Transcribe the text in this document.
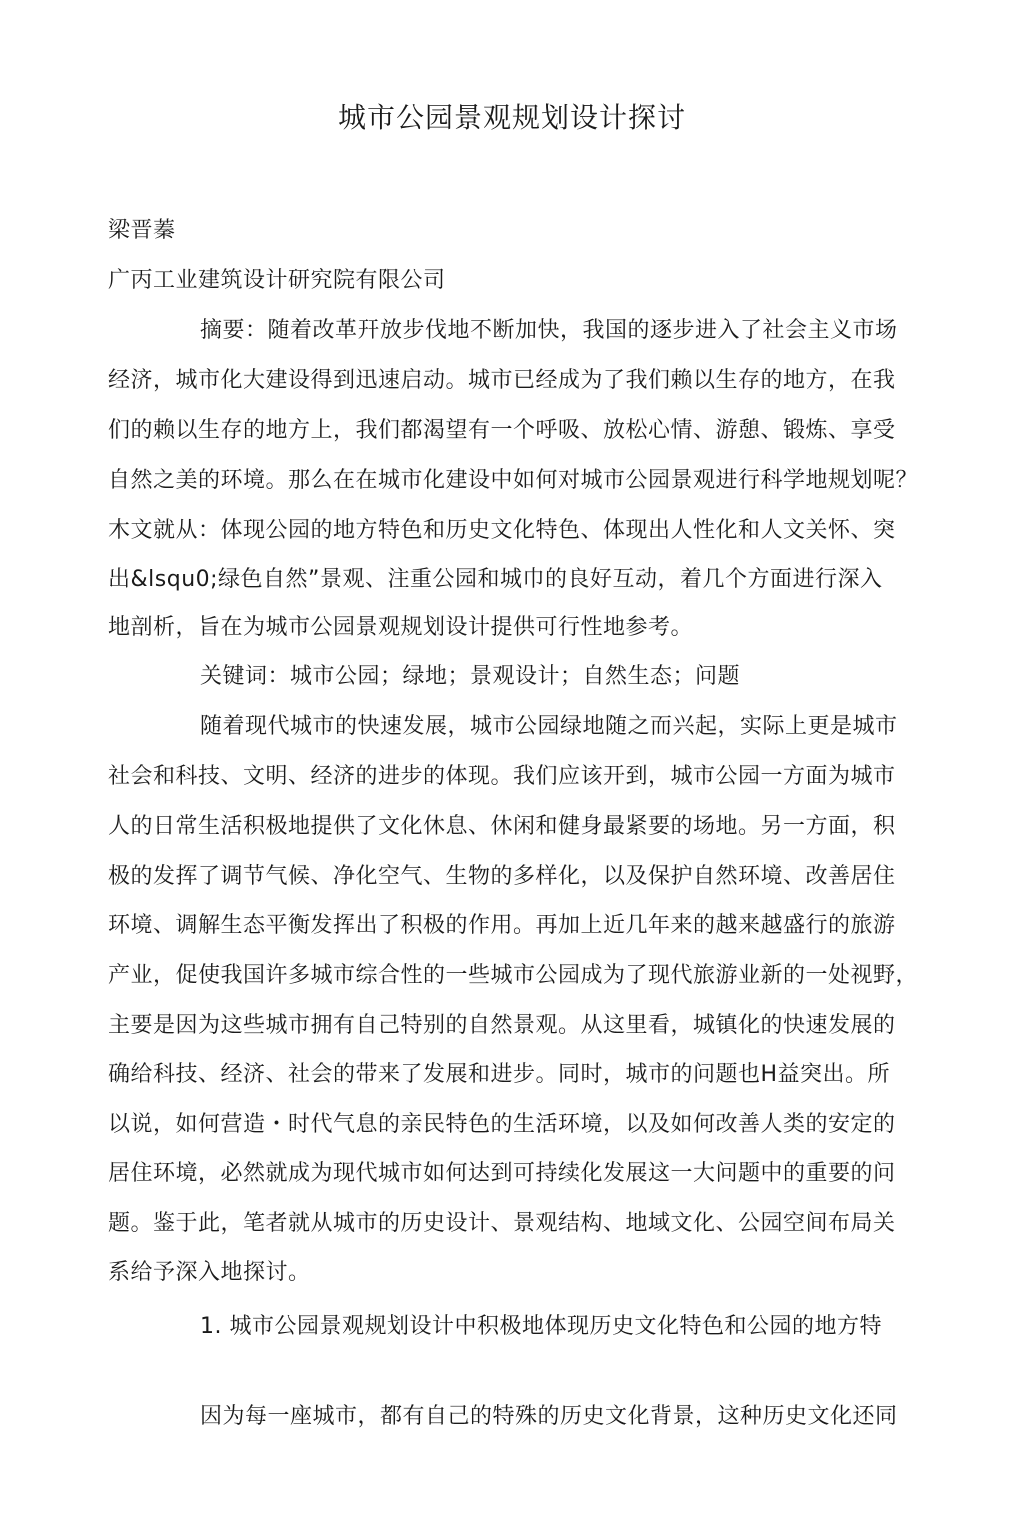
城市公园景观规划设计探讨
梁晋蓁
广丙工业建筑设计研究院有限公司
摘要：随着改革幵放步伐地不断加快，我国的逐步进入了社会主义市场
经济，城市化大建设得到迅速启动。城市已经成为了我们赖以生存的地方，在我
们的赖以生存的地方上，我们都渴望有一个呼吸、放松心情、游憩、锻炼、享受
自然之美的环境。那么在在城市化建设中如何对城市公园景观进行科学地规划呢？
木文就从：体现公园的地方特色和历史文化特色、体现出人性化和人文关怀、突
出&lsqu0;绿色自然”景观、注重公园和城巾的良好互动，着几个方面进行深入
地剖析，旨在为城市公园景观规划设计提供可行性地参考。
关键词：城市公园；绿地；景观设计；自然生态；问题
随着现代城市的快速发展，城市公园绿地随之而兴起，实际上更是城市
社会和科技、文明、经济的进步的体现。我们应该开到，城市公园一方面为城市
人的日常生活积极地提供了文化休息、休闲和健身最紧要的场地。另一方面，积
极的发挥了调节气候、净化空气、生物的多样化，以及保护自然环境、改善居住
环境、调解生态平衡发挥出了积极的作用。再加上近几年来的越来越盛行的旅游
产业，促使我国许多城市综合性的一些城市公园成为了现代旅游业新的一处视野，
主要是因为这些城市拥有自己特别的自然景观。从这里看，城镇化的快速发展的
确给科技、经济、社会的带来了发展和进步。同时，城市的问题也H益突出。所
以说，如何营造・时代气息的亲民特色的生活环境，以及如何改善人类的安定的
居住环境，必然就成为现代城市如何达到可持续化发展这一大问题中的重要的问
题。鉴于此，笔者就从城市的历史设计、景观结构、地域文化、公园空间布局关
系给予深入地探讨。
1. 城市公园景观规划设计中积极地体现历史文化特色和公园的地方特
因为每一座城市，都有自己的特殊的历史文化背景，这种历史文化还同
